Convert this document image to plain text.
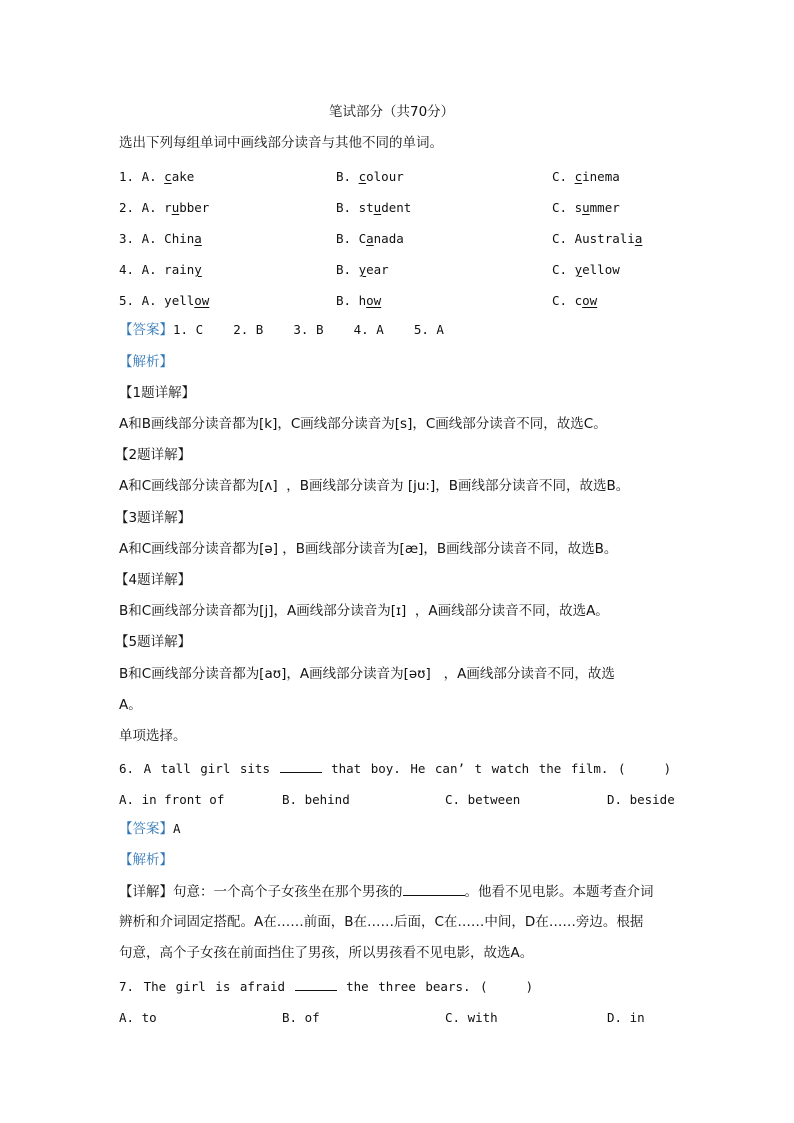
笔试部分（共70分）
选出下列每组单词中画线部分读音与其他不同的单词。
1. A. cake	B. colour	C. cinema
2. A. rubber	B. student	C. summer
3. A. China	B. Canada	C. Australia
4. A. rainy	B. year	C. yellow
5. A. yellow	B. how	C. cow
【答案】1. C    2. B    3. B    4. A    5. A
【解析】
【1题详解】
A和B画线部分读音都为[k]，C画线部分读音为[s]，C画线部分读音不同，故选C。
【2题详解】
A和C画线部分读音都为[ʌ]  ，B画线部分读音为 [ju:]，B画线部分读音不同，故选B。
【3题详解】
A和C画线部分读音都为[ə] ，B画线部分读音为[æ]，B画线部分读音不同，故选B。
【4题详解】
B和C画线部分读音都为[j]，A画线部分读音为[ɪ]  ，A画线部分读音不同，故选A。
【5题详解】
B和C画线部分读音都为[aʊ]，A画线部分读音为[əʊ]   ，A画线部分读音不同，故选
A。
单项选择。
6. A tall girl sits	that boy. He can’ t watch the film. (    )
A. in front of	B. behind	C. between	D. beside
【答案】A
【解析】
【详解】句意：一个高个子女孩坐在那个男孩的	。他看不见电影。本题考查介词
辨析和介词固定搭配。A在……前面，B在……后面，C在……中间，D在……旁边。根据
句意，高个子女孩在前面挡住了男孩，所以男孩看不见电影，故选A。
7. The girl is afraid	the three bears. (    )
A. to	B. of	C. with	D. in
